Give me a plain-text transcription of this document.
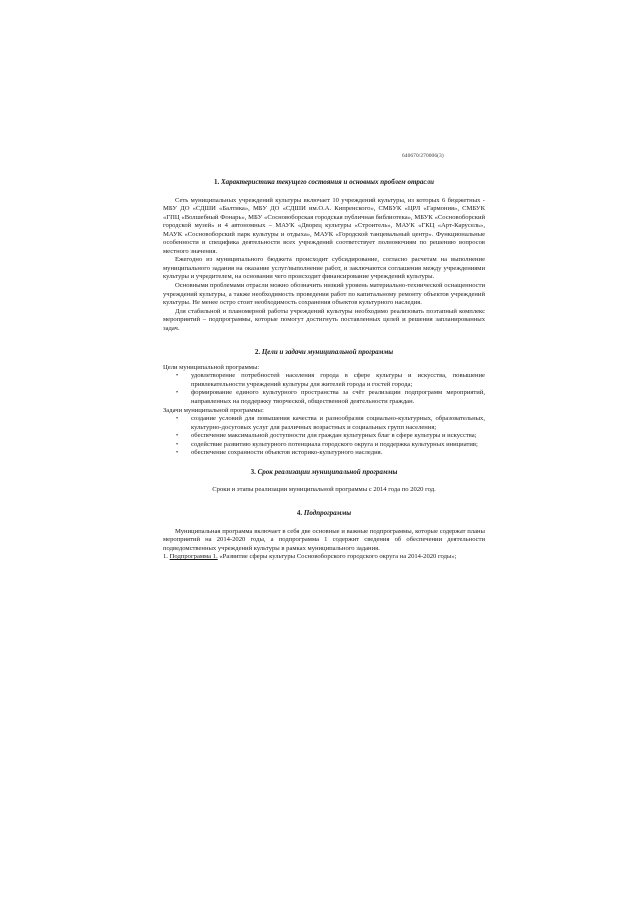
640670/270006(3)

1. Характеристика текущего состояния и основных проблем отрасли

Сеть муниципальных учреждений культуры включает 10 учреждений культуры, из которых 6 бюджетных - МБУ ДО «СДШИ «Балтика», МБУ ДО «СДШИ им.О.А. Кипренского», СМБУК «ЦРЛ «Гармония», СМБУК «ГПЦ «Волшебный Фонарь», МБУ «Сосновоборская городская публичная библиотека», МБУК «Сосновоборский городской музей» и 4 автономных – МАУК «Дворец культуры «Строитель», МАУК «ГКЦ «Арт-Карусель», МАУК «Сосновоборский парк культуры и отдыха», МАУК «Городской танцевальный центр». Функциональные особенности и специфика деятельности всех учреждений соответствует полномочиям по решению вопросов местного значения.

Ежегодно из муниципального бюджета происходит субсидирование, согласно расчетам на выполнение муниципального задания на оказание услуг/выполнение работ, и заключаются соглашения между учреждениями культуры и учредителем, на основании чего происходит финансирование учреждений культуры.

Основными проблемами отрасли можно обозначить низкий уровень материально-технической оснащенности учреждений культуры, а также необходимость проведения работ по капитальному ремонту объектов учреждений культуры. Не менее остро стоит необходимость сохранения объектов культурного наследия.

Для стабильной и планомерной работы учреждений культуры необходимо реализовать поэтапный комплекс мероприятий – подпрограммы, которые помогут достигнуть поставленных целей и решения запланированных задач.

2. Цели и задачи муниципальной программы

Цели муниципальной программы:

• удовлетворение потребностей населения города в сфере культуры и искусства, повышение привлекательности учреждений культуры для жителей города и гостей города;
• формирование единого культурного пространства за счёт реализации подпрограмм мероприятий, направленных на поддержку творческой, общественной деятельности граждан.

Задачи муниципальной программы:

• создание условий для повышения качества и разнообразия социально-культурных, образовательных, культурно-досуговых услуг для различных возрастных и социальных групп населения;
• обеспечение максимальной доступности для граждан культурных благ в сфере культуры и искусства;
• содействие развитию культурного потенциала городского округа и поддержка культурных инициатив;
• обеспечение сохранности объектов историко-культурного наследия.

3. Срок реализации муниципальной программы

Сроки и этапы реализации муниципальной программы с 2014 года по 2020 год.

4. Подпрограммы

Муниципальная программа включает в себя две основные и важные подпрограммы, которые содержат планы мероприятий на 2014-2020 годы, а подпрограмма 1 содержит сведения об обеспечении деятельности подведомственных учреждений культуры в рамках муниципального задания.

1. Подпрограмма 1. «Развитие сферы культуры Сосновоборского городского округа на 2014-2020 годы»;
